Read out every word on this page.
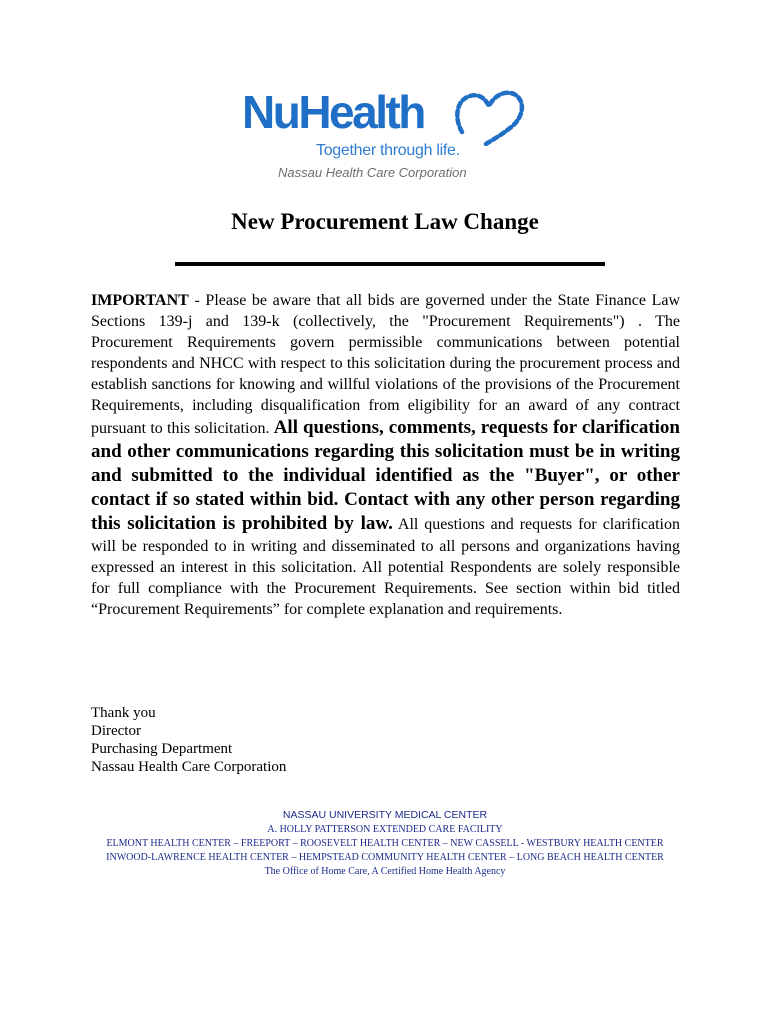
NuHealth
Together through life.
Nassau Health Care Corporation
New Procurement Law Change

IMPORTANT - Please be aware that all bids are governed under the State Finance Law Sections 139-j and 139-k (collectively, the "Procurement Requirements") . The Procurement Requirements govern permissible communications between potential respondents and NHCC with respect to this solicitation during the procurement process and establish sanctions for knowing and willful violations of the provisions of the Procurement Requirements, including disqualification from eligibility for an award of any contract pursuant to this solicitation. All questions, comments, requests for clarification and other communications regarding this solicitation must be in writing and submitted to the individual identified as the "Buyer", or other contact if so stated within bid. Contact with any other person regarding this solicitation is prohibited by law. All questions and requests for clarification will be responded to in writing and disseminated to all persons and organizations having expressed an interest in this solicitation. All potential Respondents are solely responsible for full compliance with the Procurement Requirements. See section within bid titled “Procurement Requirements” for complete explanation and requirements.

Thank you
Director
Purchasing Department
Nassau Health Care Corporation
NASSAU UNIVERSITY MEDICAL CENTER
A. HOLLY PATTERSON EXTENDED CARE FACILITY
ELMONT HEALTH CENTER – FREEPORT – ROOSEVELT HEALTH CENTER – NEW CASSELL - WESTBURY HEALTH CENTER
INWOOD-LAWRENCE HEALTH CENTER – HEMPSTEAD COMMUNITY HEALTH CENTER – LONG BEACH HEALTH CENTER
The Office of Home Care, A Certified Home Health Agency
